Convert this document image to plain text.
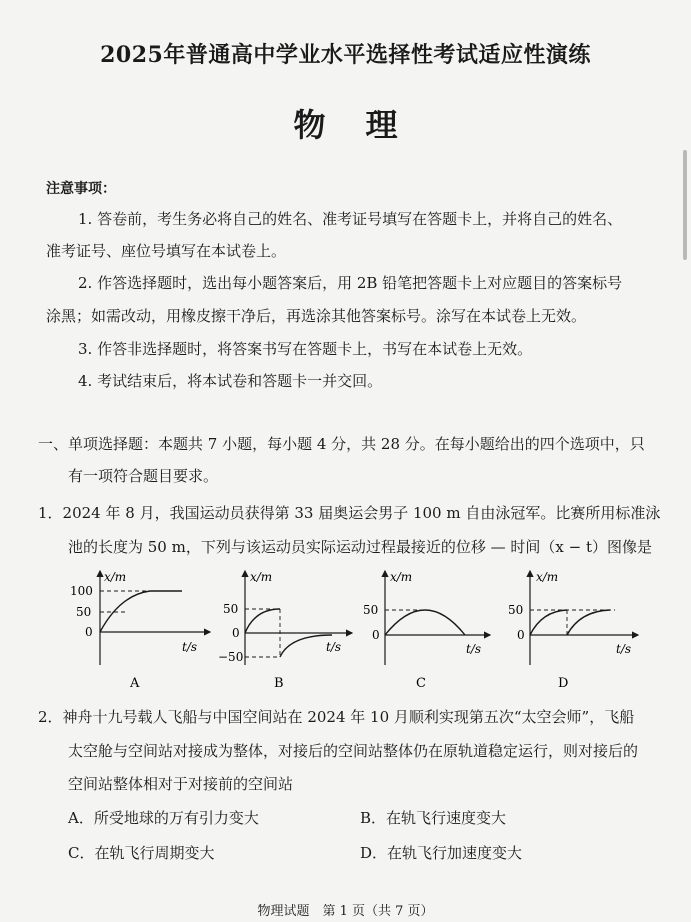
2025年普通高中学业水平选择性考试适应性演练
物理
注意事项：
1. 答卷前，考生务必将自己的姓名、准考证号填写在答题卡上，并将自己的姓名、
准考证号、座位号填写在本试卷上。
2. 作答选择题时，选出每小题答案后，用 2B 铅笔把答题卡上对应题目的答案标号
涂黑；如需改动，用橡皮擦干净后，再选涂其他答案标号。涂写在本试卷上无效。
3. 作答非选择题时，将答案书写在答题卡上，书写在本试卷上无效。
4. 考试结束后，将本试卷和答题卡一并交回。
一、单项选择题：本题共 7 小题，每小题 4 分，共 28 分。在每小题给出的四个选项中，只
有一项符合题目要求。
1．2024 年 8 月，我国运动员获得第 33 届奥运会男子 100 m 自由泳冠军。比赛所用标准泳
池的长度为 50 m，下列与该运动员实际运动过程最接近的位移 — 时间（x − t）图像是
x/m
100
50
0
t/s
A
x/m
50
0
−50
t/s
B
x/m
50
0
t/s
C
x/m
50
0
t/s
D
2．神舟十九号载人飞船与中国空间站在 2024 年 10 月顺利实现第五次“太空会师”，飞船
太空舱与空间站对接成为整体，对接后的空间站整体仍在原轨道稳定运行，则对接后的
空间站整体相对于对接前的空间站
A．所受地球的万有引力变大	B．在轨飞行速度变大
C．在轨飞行周期变大	D．在轨飞行加速度变大
物理试题　第 1 页（共 7 页）
